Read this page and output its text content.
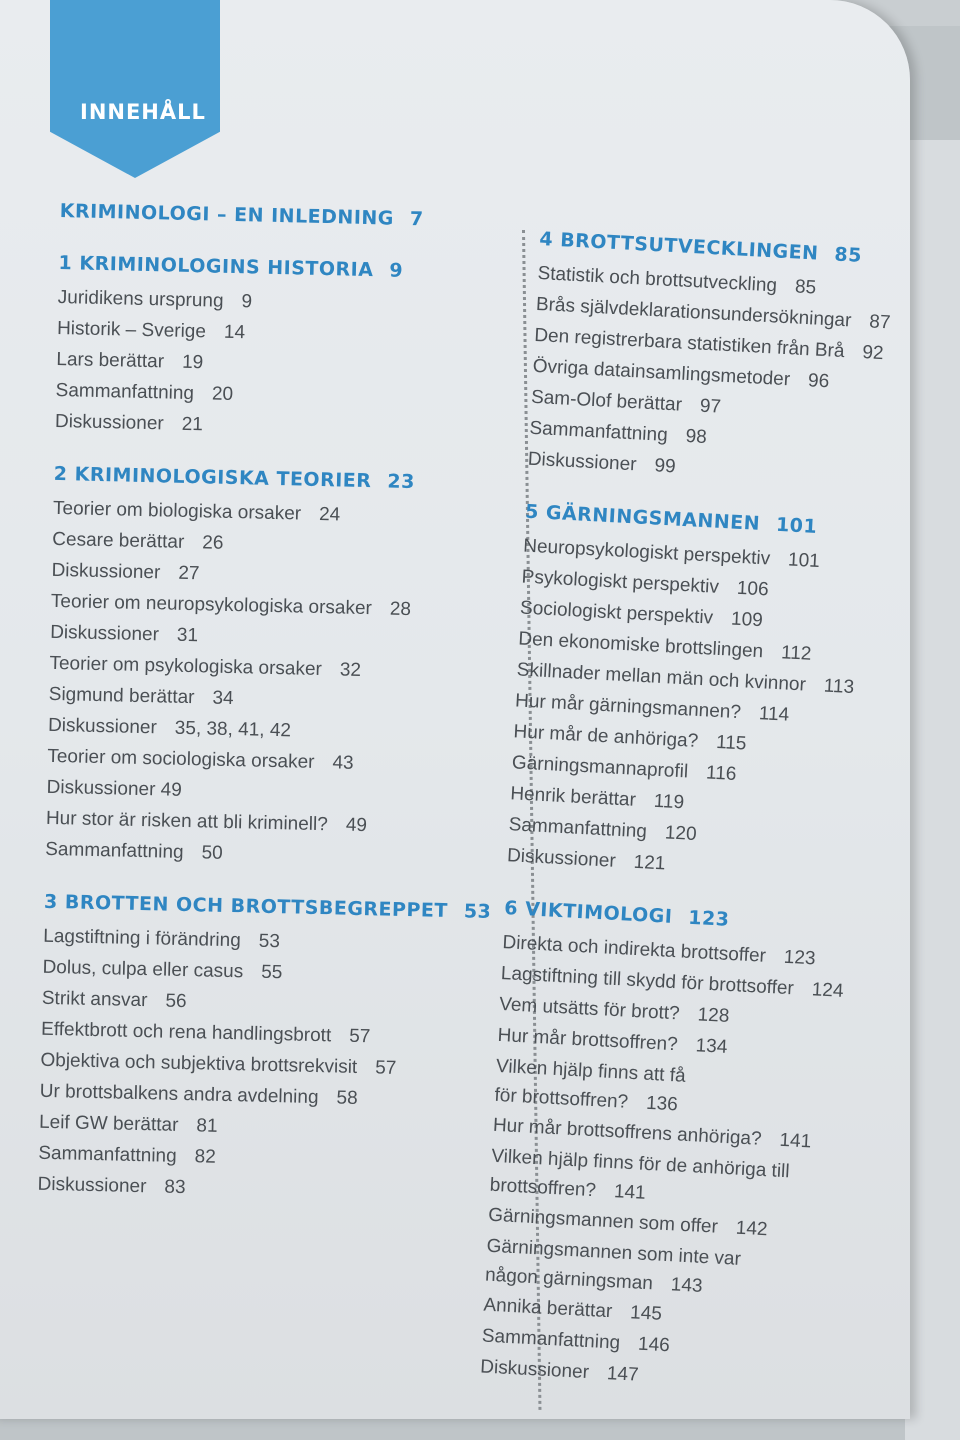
INNEHÅLL
KRIMINOLOGI – EN INLEDNING 7
1 KRIMINOLOGINS HISTORIA 9
Juridikens ursprung 9
Historik – Sverige 14
Lars berättar 19
Sammanfattning 20
Diskussioner 21
2 KRIMINOLOGISKA TEORIER 23
Teorier om biologiska orsaker 24
Cesare berättar 26
Diskussioner 27
Teorier om neuropsykologiska orsaker 28
Diskussioner 31
Teorier om psykologiska orsaker 32
Sigmund berättar 34
Diskussioner 35, 38, 41, 42
Teorier om sociologiska orsaker 43
Diskussioner 49
Hur stor är risken att bli kriminell? 49
Sammanfattning 50
3 BROTTEN OCH BROTTSBEGREPPET 53
Lagstiftning i förändring 53
Dolus, culpa eller casus 55
Strikt ansvar 56
Effektbrott och rena handlingsbrott 57
Objektiva och subjektiva brottsrekvisit 57
Ur brottsbalkens andra avdelning 58
Leif GW berättar 81
Sammanfattning 82
Diskussioner 83
4 BROTTSUTVECKLINGEN 85
Statistik och brottsutveckling 85
Brås självdeklarationsundersökningar 87
Den registrerbara statistiken från Brå 92
Övriga datainsamlingsmetoder 96
Sam-Olof berättar 97
Sammanfattning 98
Diskussioner 99
5 GÄRNINGSMANNEN 101
Neuropsykologiskt perspektiv 101
Psykologiskt perspektiv 106
Sociologiskt perspektiv 109
Den ekonomiske brottslingen 112
Skillnader mellan män och kvinnor 113
Hur mår gärningsmannen? 114
Hur mår de anhöriga? 115
Gärningsmannaprofil 116
Henrik berättar 119
Sammanfattning 120
Diskussioner 121
6 VIKTIMOLOGI 123
Direkta och indirekta brottsoffer 123
Lagstiftning till skydd för brottsoffer 124
Vem utsätts för brott? 128
Hur mår brottsoffren? 134
Vilken hjälp finns att få
för brottsoffren? 136
Hur mår brottsoffrens anhöriga? 141
Vilken hjälp finns för de anhöriga till
brottsoffren? 141
Gärningsmannen som offer 142
Gärningsmannen som inte var
någon gärningsman 143
Annika berättar 145
Sammanfattning 146
Diskussioner 147
